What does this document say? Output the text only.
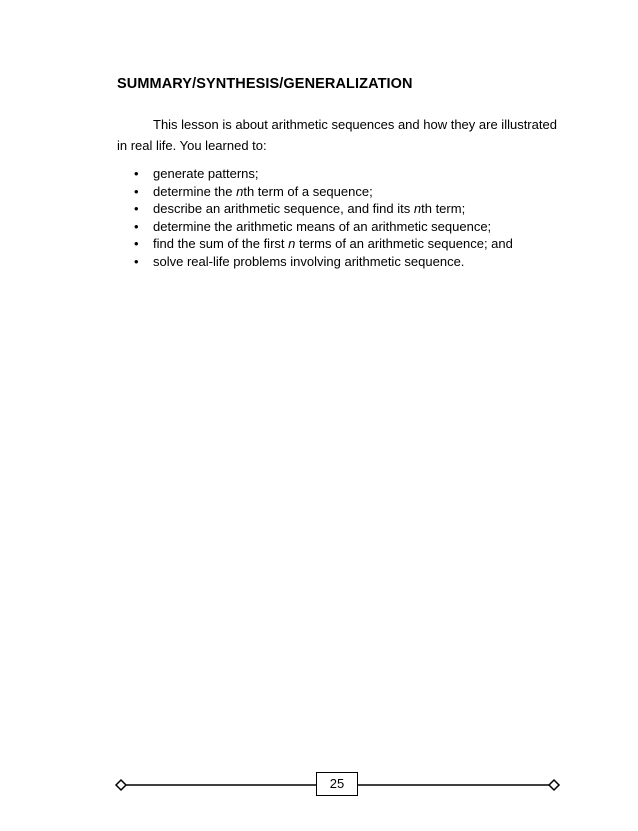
SUMMARY/SYNTHESIS/GENERALIZATION
This lesson is about arithmetic sequences and how they are illustrated
in real life. You learned to:
• generate patterns;
• determine the nth term of a sequence;
• describe an arithmetic sequence, and find its nth term;
• determine the arithmetic means of an arithmetic sequence;
• find the sum of the first n terms of an arithmetic sequence; and
• solve real-life problems involving arithmetic sequence.
25
